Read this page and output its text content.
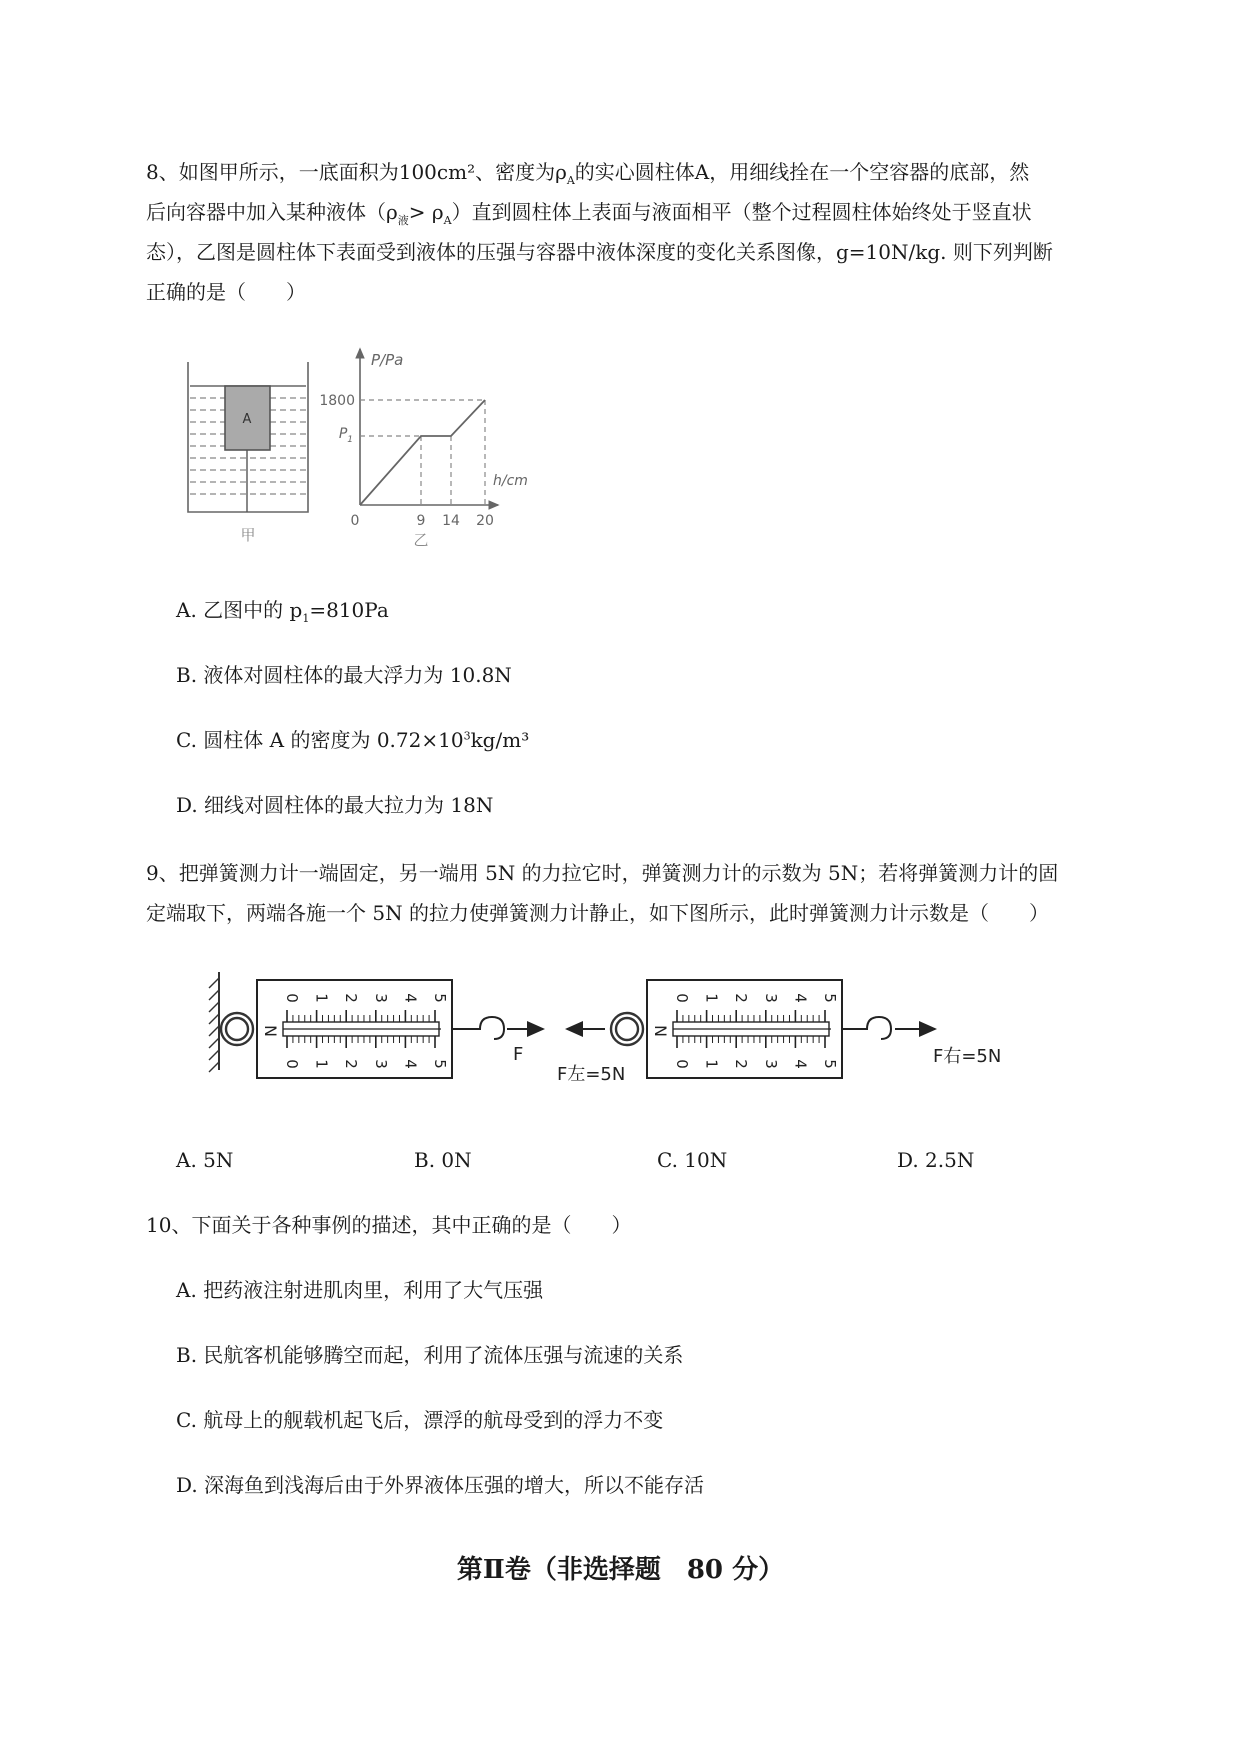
8、如图甲所示，一底面积为100cm²、密度为$\rho_A$的实心圆柱体A，用细线拴在一个空容器的底部，然
后向容器中加入某种液体$(\rho_液> \rho_A)$直到圆柱体上表面与液面相平（整个过程圆柱体始终处于竖直状
态），乙图是圆柱体下表面受到液体的压强与容器中液体深度的变化关系图像，g=10N/kg. 则下列判断
正确的是（　　）
A
甲
P/Pa
h/cm
1800
$P_1$
0	9 14 20
乙
A. 乙图中的 $p_1=810Pa$
B. 液体对圆柱体的最大浮力为 10.8N
C. 圆柱体 A 的密度为 $0.72\times 10^3kg/m^3$
D. 细线对圆柱体的最大拉力为 18N
9、把弹簧测力计一端固定，另一端用 5N 的力拉它时，弹簧测力计的示数为 5N；若将弹簧测力计的固
定端取下，两端各施一个 5N 的拉力使弹簧测力计静止，如下图所示，此时弹簧测力计示数是（　　）
0
0
1
1
2
2
3
3
4
4
5
5
N
F
F左=5N
0
0
1
1
2
2
3
3
4
4
5
5
N
F右=5N
A. 5N	B. 0N	C. 10N	D. 2.5N
10、下面关于各种事例的描述，其中正确的是（　　）
A. 把药液注射进肌肉里，利用了大气压强
B. 民航客机能够腾空而起，利用了流体压强与流速的关系
C. 航母上的舰载机起飞后，漂浮的航母受到的浮力不变
D. 深海鱼到浅海后由于外界液体压强的增大，所以不能存活
第Ⅱ卷（非选择题　80 分）
